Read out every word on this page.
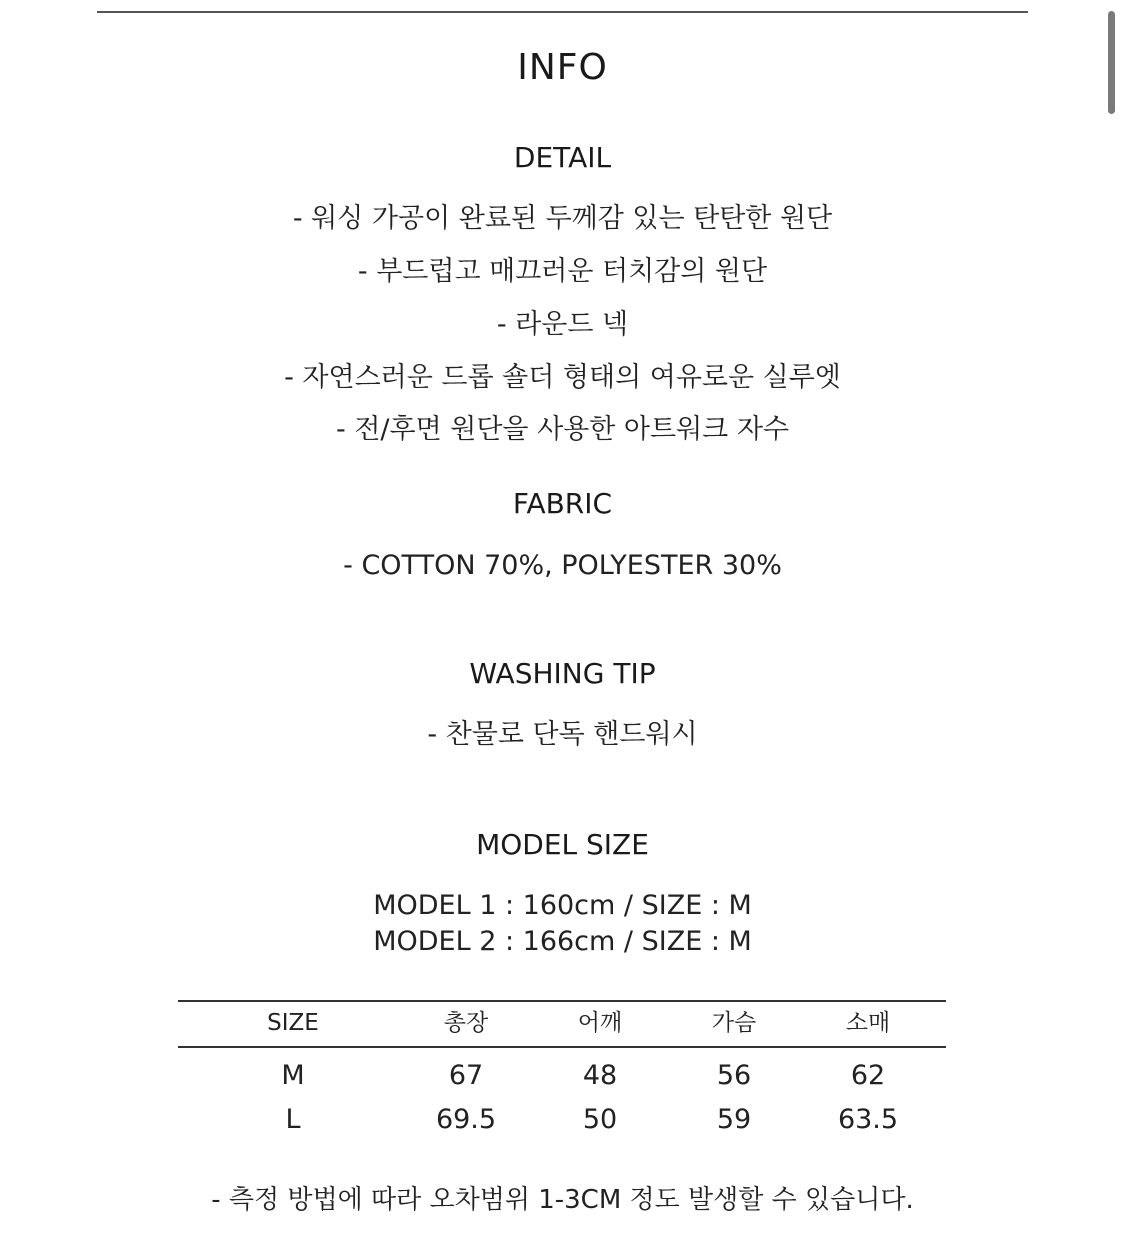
INFO
DETAIL
- 워싱 가공이 완료된 두께감 있는 탄탄한 원단
- 부드럽고 매끄러운 터치감의 원단
- 라운드 넥
- 자연스러운 드롭 숄더 형태의 여유로운 실루엣
- 전/후면 원단을 사용한 아트워크 자수
FABRIC
- COTTON 70%, POLYESTER 30%
WASHING TIP
- 찬물로 단독 핸드워시
MODEL SIZE
MODEL 1 : 160cm / SIZE : M
MODEL 2 : 166cm / SIZE : M
SIZE	총장	어깨	가슴	소매
M	67	48	56	62
L	69.5	50	59	63.5
- 측정 방법에 따라 오차범위 1-3CM 정도 발생할 수 있습니다.
